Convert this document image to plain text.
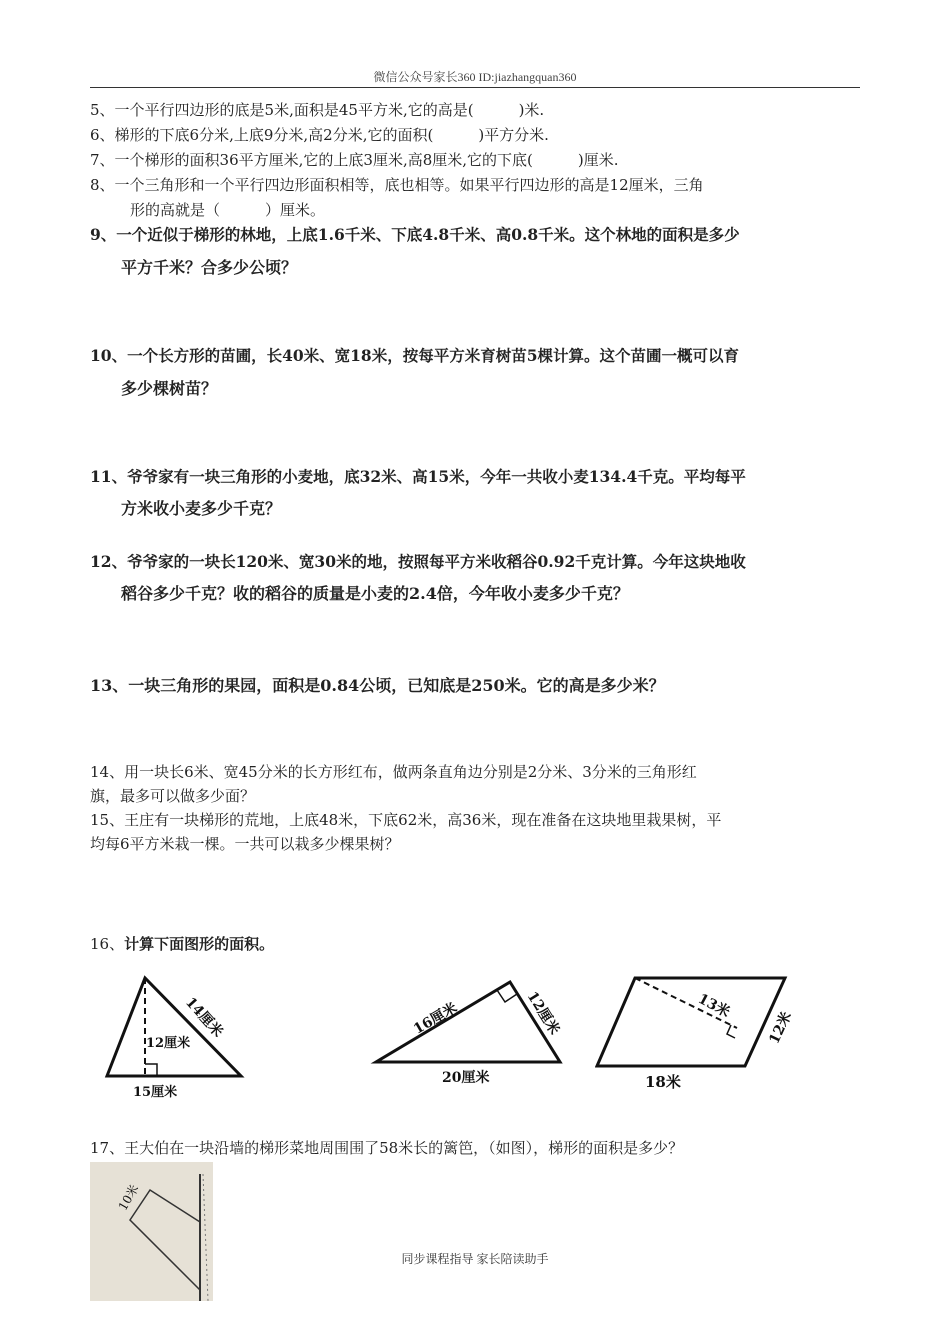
微信公众号家长360 ID:jiazhangquan360
5、一个平行四边形的底是5米,面积是45平方米,它的高是(　　　)米.
6、梯形的下底6分米,上底9分米,高2分米,它的面积(　　　)平方分米.
7、一个梯形的面积36平方厘米,它的上底3厘米,高8厘米,它的下底(　　　)厘米.
8、一个三角形和一个平行四边形面积相等，底也相等。如果平行四边形的高是12厘米，三角
形的高就是（　　　）厘米。
9、一个近似于梯形的林地，上底1.6千米、下底4.8千米、高0.8千米。这个林地的面积是多少
平方千米？合多少公顷？
10、一个长方形的苗圃，长40米、宽18米，按每平方米育树苗5棵计算。这个苗圃一概可以育
多少棵树苗？
11、爷爷家有一块三角形的小麦地，底32米、高15米，今年一共收小麦134.4千克。平均每平
方米收小麦多少千克？
12、爷爷家的一块长120米、宽30米的地，按照每平方米收稻谷0.92千克计算。今年这块地收
稻谷多少千克？收的稻谷的质量是小麦的2.4倍，今年收小麦多少千克？
13、一块三角形的果园，面积是0.84公顷，已知底是250米。它的高是多少米？
14、用一块长6米、宽45分米的长方形红布，做两条直角边分别是2分米、3分米的三角形红
旗，最多可以做多少面？
15、王庄有一块梯形的荒地，上底48米，下底62米，高36米，现在准备在这块地里栽果树，平
均每6平方米栽一棵。一共可以栽多少棵果树？
16、计算下面图形的面积。
14厘米
12厘米
15厘米
16厘米	12厘米
20厘米
13米
12米
18米
17、王大伯在一块沿墙的梯形菜地周围围了58米长的篱笆，（如图），梯形的面积是多少？
10米
同步课程指导 家长陪读助手
